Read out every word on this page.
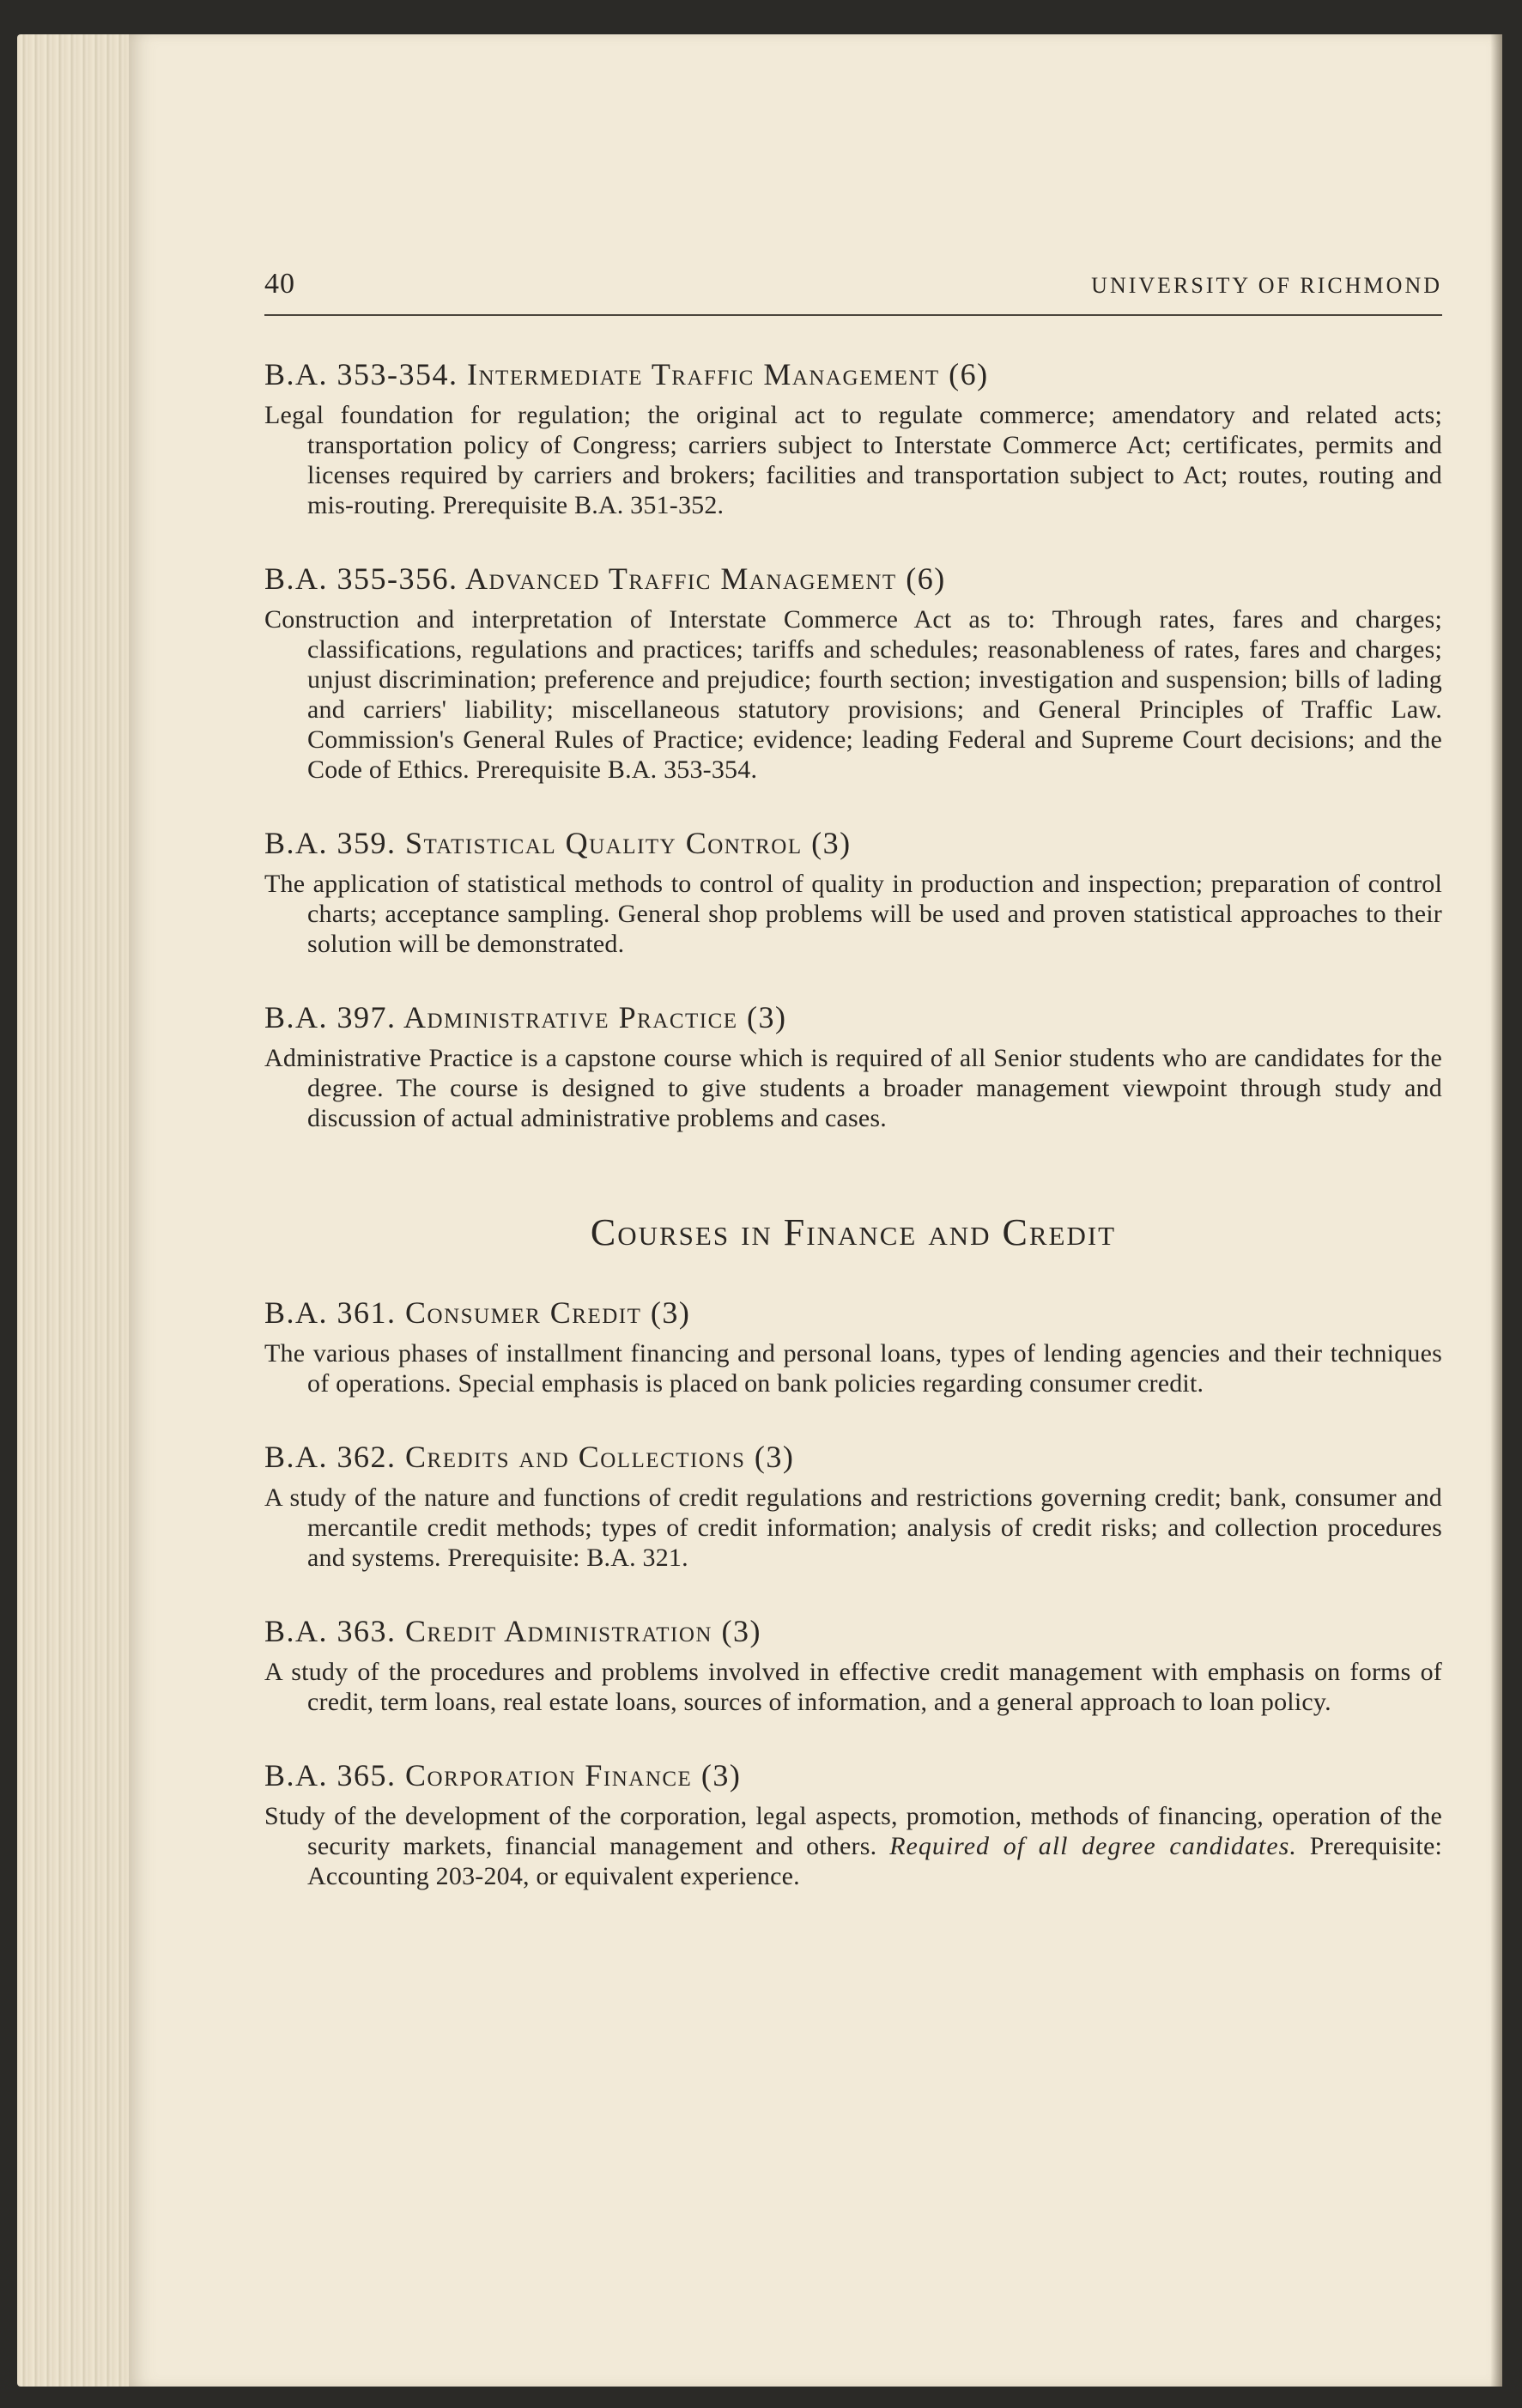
40	UNIVERSITY OF RICHMOND
B.A. 353-354. Intermediate Traffic Management (6)

Legal foundation for regulation; the original act to regulate commerce; amendatory and related acts; transportation policy of Congress; carriers subject to Interstate Commerce Act; certificates, permits and licenses required by carriers and brokers; facilities and transportation subject to Act; routes, routing and mis-routing. Prerequisite B.A. 351-352.

B.A. 355-356. Advanced Traffic Management (6)

Construction and interpretation of Interstate Commerce Act as to: Through rates, fares and charges; classifications, regulations and practices; tariffs and schedules; reasonableness of rates, fares and charges; unjust discrimination; preference and prejudice; fourth section; investigation and suspension; bills of lading and carriers' liability; miscellaneous statutory provisions; and General Principles of Traffic Law. Commission's General Rules of Practice; evidence; leading Federal and Supreme Court decisions; and the Code of Ethics. Prerequisite B.A. 353-354.

B.A. 359. Statistical Quality Control (3)

The application of statistical methods to control of quality in production and inspection; preparation of control charts; acceptance sampling. General shop problems will be used and proven statistical approaches to their solution will be demonstrated.

B.A. 397. Administrative Practice (3)

Administrative Practice is a capstone course which is required of all Senior students who are candidates for the degree. The course is designed to give students a broader management viewpoint through study and discussion of actual administrative problems and cases.

Courses in Finance and Credit
B.A. 361. Consumer Credit (3)

The various phases of installment financing and personal loans, types of lending agencies and their techniques of operations. Special emphasis is placed on bank policies regarding consumer credit.

B.A. 362. Credits and Collections (3)

A study of the nature and functions of credit regulations and restrictions governing credit; bank, consumer and mercantile credit methods; types of credit information; analysis of credit risks; and collection procedures and systems. Prerequisite: B.A. 321.

B.A. 363. Credit Administration (3)

A study of the procedures and problems involved in effective credit management with emphasis on forms of credit, term loans, real estate loans, sources of information, and a general approach to loan policy.

B.A. 365. Corporation Finance (3)

Study of the development of the corporation, legal aspects, promotion, methods of financing, operation of the security markets, financial management and others. Required of all degree candidates. Prerequisite: Accounting 203-204, or equivalent experience.
